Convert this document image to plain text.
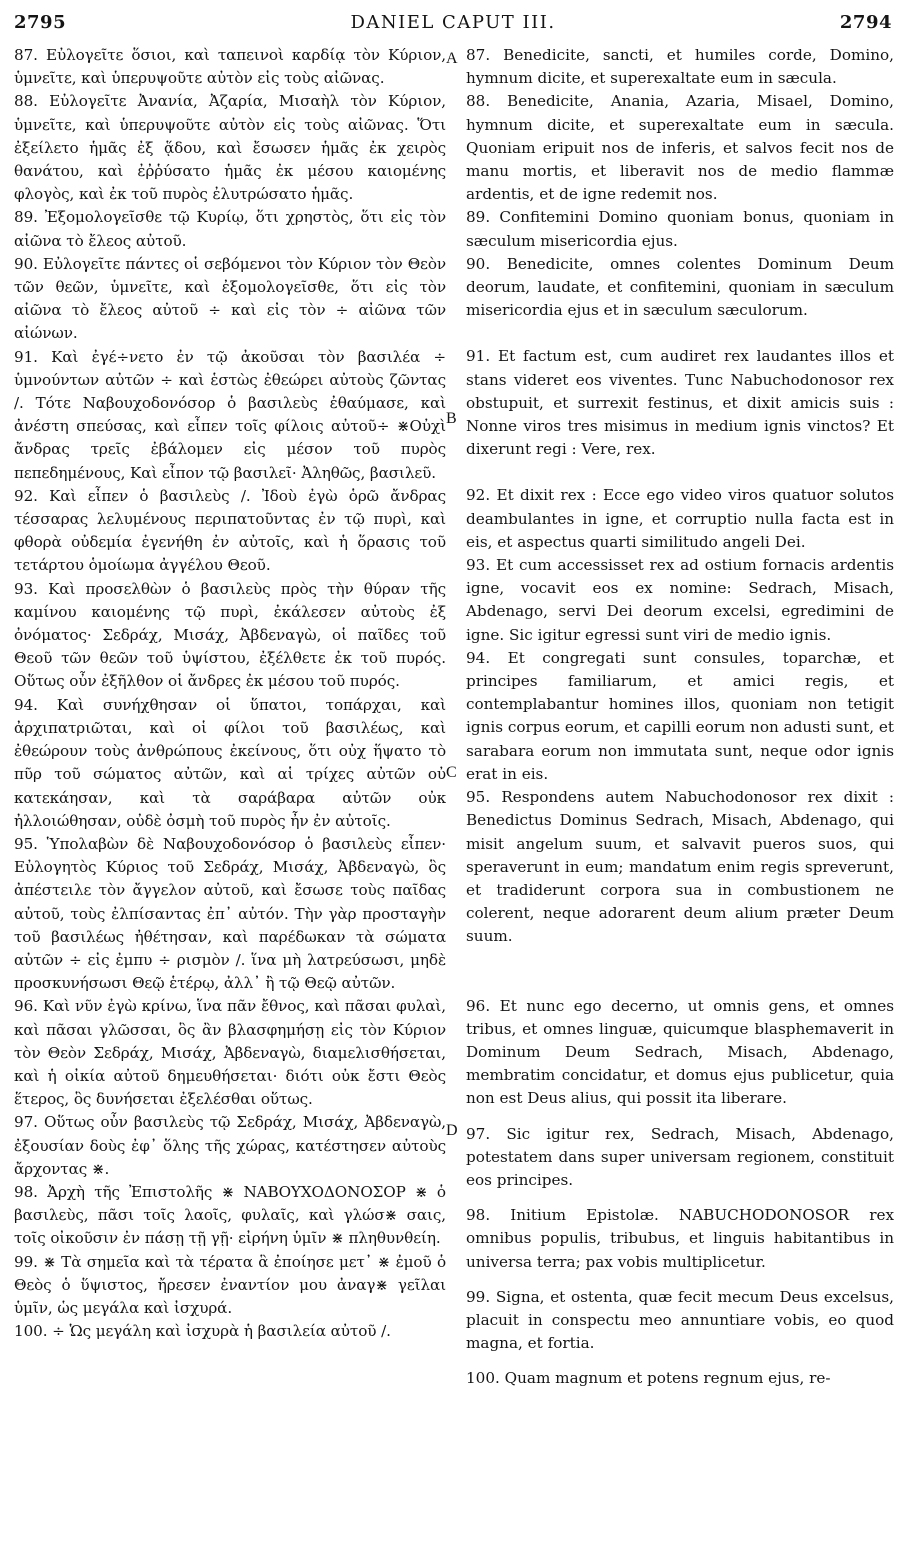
2795	DANIEL CAPUT III.	2794
A
B
C
D

87. Εὐλογεῖτε ὅσιοι, καὶ ταπεινοὶ καρδίᾳ τὸν Κύριον, ὑμνεῖτε, καὶ ὑπερυψοῦτε αὐτὸν εἰς τοὺς αἰῶνας.

88. Εὐλογεῖτε Ἀνανία, Ἀζαρία, Μισαὴλ τὸν Κύριον, ὑμνεῖτε, καὶ ὑπερυψοῦτε αὐτὸν εἰς τοὺς αἰῶνας. Ὅτι ἐξείλετο ἡμᾶς ἐξ ᾅδου, καὶ ἔσωσεν ἡμᾶς ἐκ χειρὸς θανάτου, καὶ ἐῤῥύσατο ἡμᾶς ἐκ μέσου καιομένης φλογὸς, καὶ ἐκ τοῦ πυρὸς ἐλυτρώσατο ἡμᾶς.

89. Ἐξομολογεῖσθε τῷ Κυρίῳ, ὅτι χρηστὸς, ὅτι εἰς τὸν αἰῶνα τὸ ἔλεος αὐτοῦ.

90. Εὐλογεῖτε πάντες οἱ σεβόμενοι τὸν Κύριον τὸν Θεὸν τῶν θεῶν, ὑμνεῖτε, καὶ ἐξομολογεῖσθε, ὅτι εἰς τὸν αἰῶνα τὸ ἔλεος αὐτοῦ ÷ καὶ εἰς τὸν ÷ αἰῶνα τῶν αἰώνων.

91. Καὶ ἐγέ÷νετο ἐν τῷ ἀκοῦσαι τὸν βασιλέα ÷ ὑμνούντων αὐτῶν ÷ καὶ ἑστὼς ἐθεώρει αὐτοὺς ζῶντας /. Τότε Ναβουχοδονόσορ ὁ βασιλεὺς ἐθαύμασε, καὶ ἀνέστη σπεύσας, καὶ εἶπεν τοῖς φίλοις αὐτοῦ÷ ⋇Οὐχὶ ἄνδρας τρεῖς ἐβάλομεν εἰς μέσον τοῦ πυρὸς πεπεδημένους, Καὶ εἶπον τῷ βασιλεῖ· Ἀληθῶς, βασιλεῦ.

92. Καὶ εἶπεν ὁ βασιλεὺς /. Ἰδοὺ ἐγὼ ὁρῶ ἄνδρας τέσσαρας λελυμένους περιπατοῦντας ἐν τῷ πυρὶ, καὶ φθορὰ οὐδεμία ἐγενήθη ἐν αὐτοῖς, καὶ ἡ ὅρασις τοῦ τετάρτου ὁμοίωμα ἀγγέλου Θεοῦ.

93. Καὶ προσελθὼν ὁ βασιλεὺς πρὸς τὴν θύραν τῆς καμίνου καιομένης τῷ πυρὶ, ἐκάλεσεν αὐτοὺς ἐξ ὀνόματος· Σεδράχ, Μισάχ, Ἀβδεναγὼ, οἱ παῖδες τοῦ Θεοῦ τῶν θεῶν τοῦ ὑψίστου, ἐξέλθετε ἐκ τοῦ πυρός. Οὕτως οὖν ἐξῆλθον οἱ ἄνδρες ἐκ μέσου τοῦ πυρός.

94. Καὶ συνήχθησαν οἱ ὕπατοι, τοπάρχαι, καὶ ἀρχιπατριῶται, καὶ οἱ φίλοι τοῦ βασιλέως, καὶ ἐθεώρουν τοὺς ἀνθρώπους ἐκείνους, ὅτι οὐχ ἥψατο τὸ πῦρ τοῦ σώματος αὐτῶν, καὶ αἱ τρίχες αὐτῶν οὐ κατεκάησαν, καὶ τὰ σαράβαρα αὐτῶν οὐκ ἠλλοιώθησαν, οὐδὲ ὀσμὴ τοῦ πυρὸς ἦν ἐν αὐτοῖς.

95. Ὑπολαβὼν δὲ Ναβουχοδονόσορ ὁ βασιλεὺς εἶπεν· Εὐλογητὸς Κύριος τοῦ Σεδράχ, Μισάχ, Ἀβδεναγὼ, ὃς ἀπέστειλε τὸν ἄγγελον αὐτοῦ, καὶ ἔσωσε τοὺς παῖδας αὐτοῦ, τοὺς ἐλπίσαντας ἐπ᾽ αὐτόν. Τὴν γὰρ προσταγὴν τοῦ βασιλέως ἠθέτησαν, καὶ παρέδωκαν τὰ σώματα αὐτῶν ÷ εἰς ἐμπυ ÷ ρισμὸν /. ἵνα μὴ λατρεύσωσι, μηδὲ προσκυνήσωσι Θεῷ ἑτέρῳ, ἀλλ᾽ ἢ τῷ Θεῷ αὐτῶν.

96. Καὶ νῦν ἐγὼ κρίνω, ἵνα πᾶν ἔθνος, καὶ πᾶσαι φυλαὶ, καὶ πᾶσαι γλῶσσαι, ὃς ἂν βλασφημήσῃ εἰς τὸν Κύριον τὸν Θεὸν Σεδράχ, Μισάχ, Ἀβδεναγὼ, διαμελισθήσεται, καὶ ἡ οἰκία αὐτοῦ δημευθήσεται· διότι οὐκ ἔστι Θεὸς ἕτερος, ὃς δυνήσεται ἐξελέσθαι οὕτως.

97. Οὕτως οὖν βασιλεὺς τῷ Σεδράχ, Μισάχ, Ἀβδεναγὼ, ἐξουσίαν δοὺς ἐφ᾽ ὅλης τῆς χώρας, κατέστησεν αὐτοὺς ἄρχοντας ⋇.

98. Ἀρχὴ τῆς Ἐπιστολῆς ⋇ ΝΑΒΟΥΧΟΔΟΝΟΣΟΡ ⋇ ὁ βασιλεὺς, πᾶσι τοῖς λαοῖς, φυλαῖς, καὶ γλώσ⋇ σαις, τοῖς οἰκοῦσιν ἐν πάσῃ τῇ γῇ· εἰρήνη ὑμῖν ⋇ πληθυνθείη.

99. ⋇ Τὰ σημεῖα καὶ τὰ τέρατα ἃ ἐποίησε μετ᾽ ⋇ ἐμοῦ ὁ Θεὸς ὁ ὕψιστος, ἤρεσεν ἐναντίον μου ἀναγ⋇ γεῖλαι ὑμῖν, ὡς μεγάλα καὶ ἰσχυρά.

100. ÷ Ὡς μεγάλη καὶ ἰσχυρὰ ἡ βασιλεία αὐτοῦ /.

87. Benedicite, sancti, et humiles corde, Domino, hymnum dicite, et superexaltate eum in sæcula.

88. Benedicite, Anania, Azaria, Misael, Domino, hymnum dicite, et superexaltate eum in sæcula. Quoniam eripuit nos de inferis, et salvos fecit nos de manu mortis, et liberavit nos de medio flammæ ardentis, et de igne redemit nos.

89. Confitemini Domino quoniam bonus, quoniam in sæculum misericordia ejus.

90. Benedicite, omnes colentes Dominum Deum deorum, laudate, et confitemini, quoniam in sæculum misericordia ejus et in sæculum sæculorum.

91. Et factum est, cum audiret rex laudantes illos et stans videret eos viventes. Tunc Nabuchodonosor rex obstupuit, et surrexit festinus, et dixit amicis suis : Nonne viros tres misimus in medium ignis vinctos? Et dixerunt regi : Vere, rex.

92. Et dixit rex : Ecce ego video viros quatuor solutos deambulantes in igne, et corruptio nulla facta est in eis, et aspectus quarti similitudo angeli Dei.

93. Et cum accessisset rex ad ostium fornacis ardentis igne, vocavit eos ex nomine: Sedrach, Misach, Abdenago, servi Dei deorum excelsi, egredimini de igne. Sic igitur egressi sunt viri de medio ignis.

94. Et congregati sunt consules, toparchæ, et principes familiarum, et amici regis, et contemplabantur homines illos, quoniam non tetigit ignis corpus eorum, et capilli eorum non adusti sunt, et sarabara eorum non immutata sunt, neque odor ignis erat in eis.

95. Respondens autem Nabuchodonosor rex dixit : Benedictus Dominus Sedrach, Misach, Abdenago, qui misit angelum suum, et salvavit pueros suos, qui speraverunt in eum; mandatum enim regis spreverunt, et tradiderunt corpora sua in combustionem ne colerent, neque adorarent deum alium præter Deum suum.

96. Et nunc ego decerno, ut omnis gens, et omnes tribus, et omnes linguæ, quicumque blasphemaverit in Dominum Deum Sedrach, Misach, Abdenago, membratim concidatur, et domus ejus publicetur, quia non est Deus alius, qui possit ita liberare.

97. Sic igitur rex, Sedrach, Misach, Abdenago, potestatem dans super universam regionem, constituit eos principes.

98. Initium Epistolæ. NABUCHODONOSOR rex omnibus populis, tribubus, et linguis habitantibus in universa terra; pax vobis multiplicetur.

99. Signa, et ostenta, quæ fecit mecum Deus excelsus, placuit in conspectu meo annuntiare vobis, eo quod magna, et fortia.

100. Quam magnum et potens regnum ejus, re-
